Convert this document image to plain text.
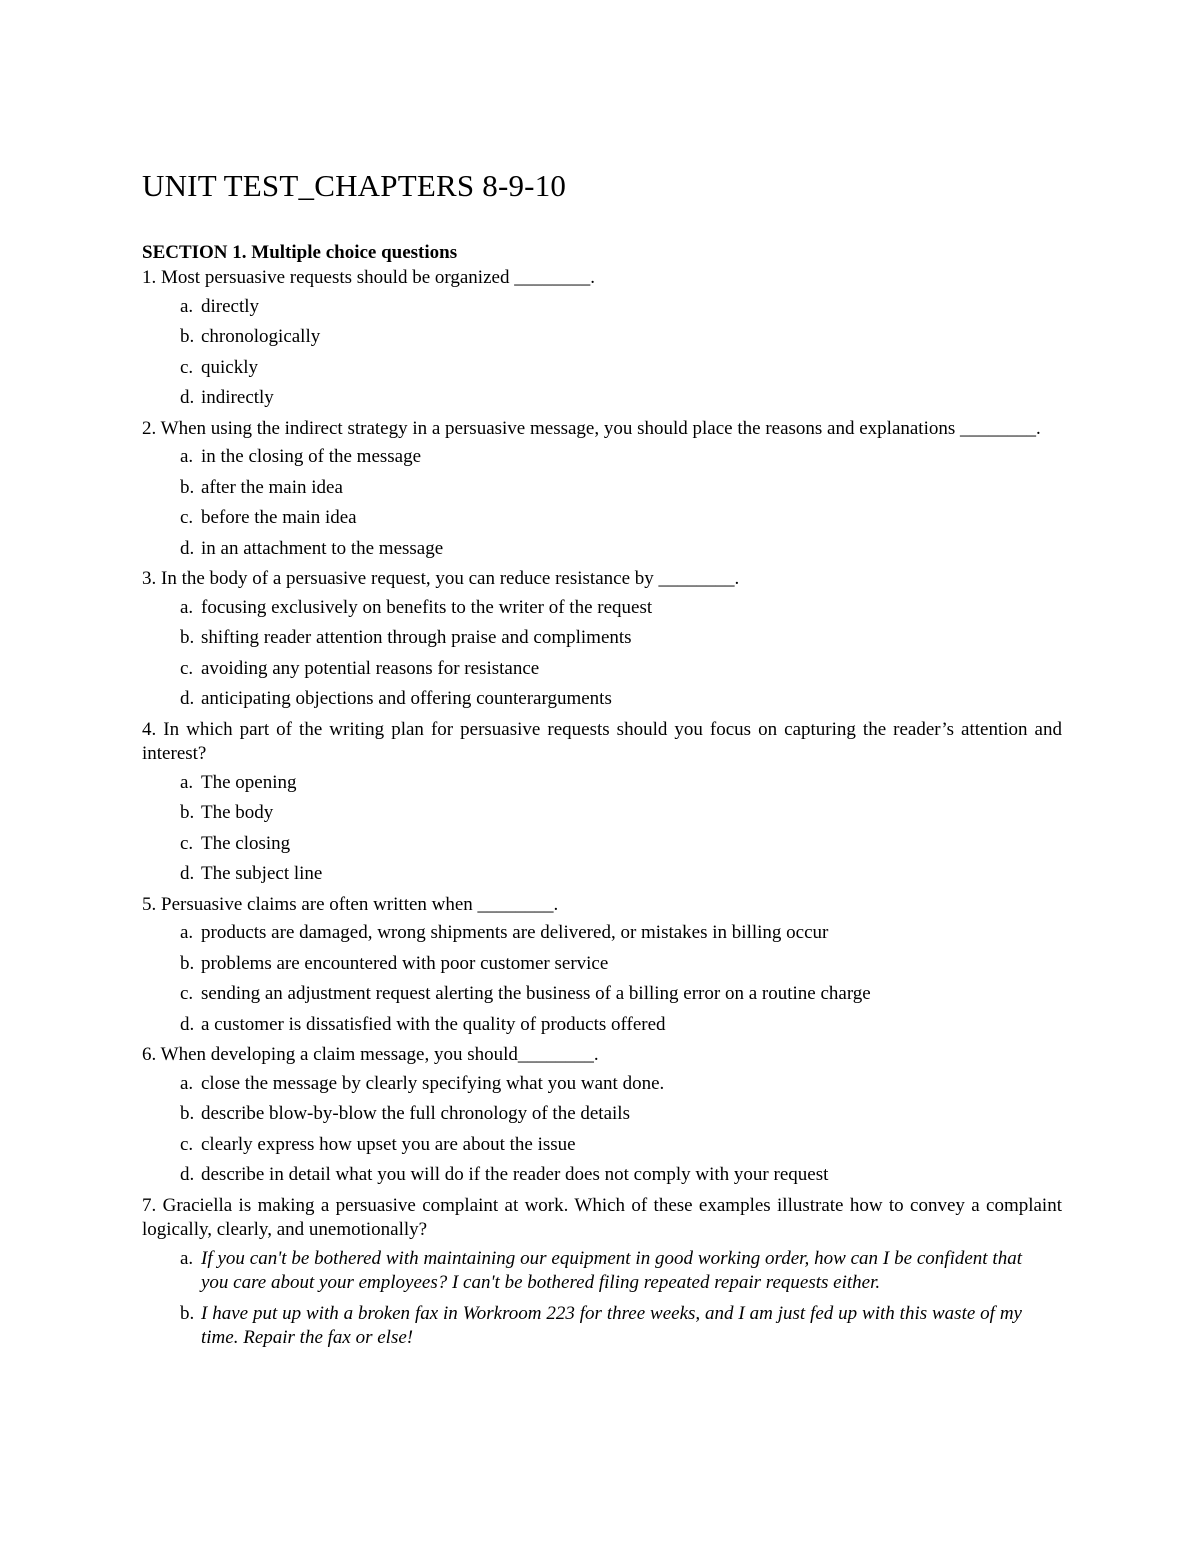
UNIT TEST_CHAPTERS 8-9-10

SECTION 1. Multiple choice questions

1. Most persuasive requests should be organized ________.

a. directly
b. chronologically
c. quickly
d. indirectly

2. When using the indirect strategy in a persuasive message, you should place the reasons and explanations ________.

a. in the closing of the message
b. after the main idea
c. before the main idea
d. in an attachment to the message

3. In the body of a persuasive request, you can reduce resistance by ________.

a. focusing exclusively on benefits to the writer of the request
b. shifting reader attention through praise and compliments
c. avoiding any potential reasons for resistance
d. anticipating objections and offering counterarguments

4. In which part of the writing plan for persuasive requests should you focus on capturing the reader’s attention and interest?

a. The opening
b. The body
c. The closing
d. The subject line

5. Persuasive claims are often written when ________.

a. products are damaged, wrong shipments are delivered, or mistakes in billing occur
b. problems are encountered with poor customer service
c. sending an adjustment request alerting the business of a billing error on a routine charge
d. a customer is dissatisfied with the quality of products offered

6. When developing a claim message, you should________.

a. close the message by clearly specifying what you want done.
b. describe blow-by-blow the full chronology of the details
c. clearly express how upset you are about the issue
d. describe in detail what you will do if the reader does not comply with your request

7. Graciella is making a persuasive complaint at work. Which of these examples illustrate how to convey a complaint logically, clearly, and unemotionally?

a. If you can't be bothered with maintaining our equipment in good working order, how can I be confident that you care about your employees? I can't be bothered filing repeated repair requests either.
b. I have put up with a broken fax in Workroom 223 for three weeks, and I am just fed up with this waste of my time. Repair the fax or else!
